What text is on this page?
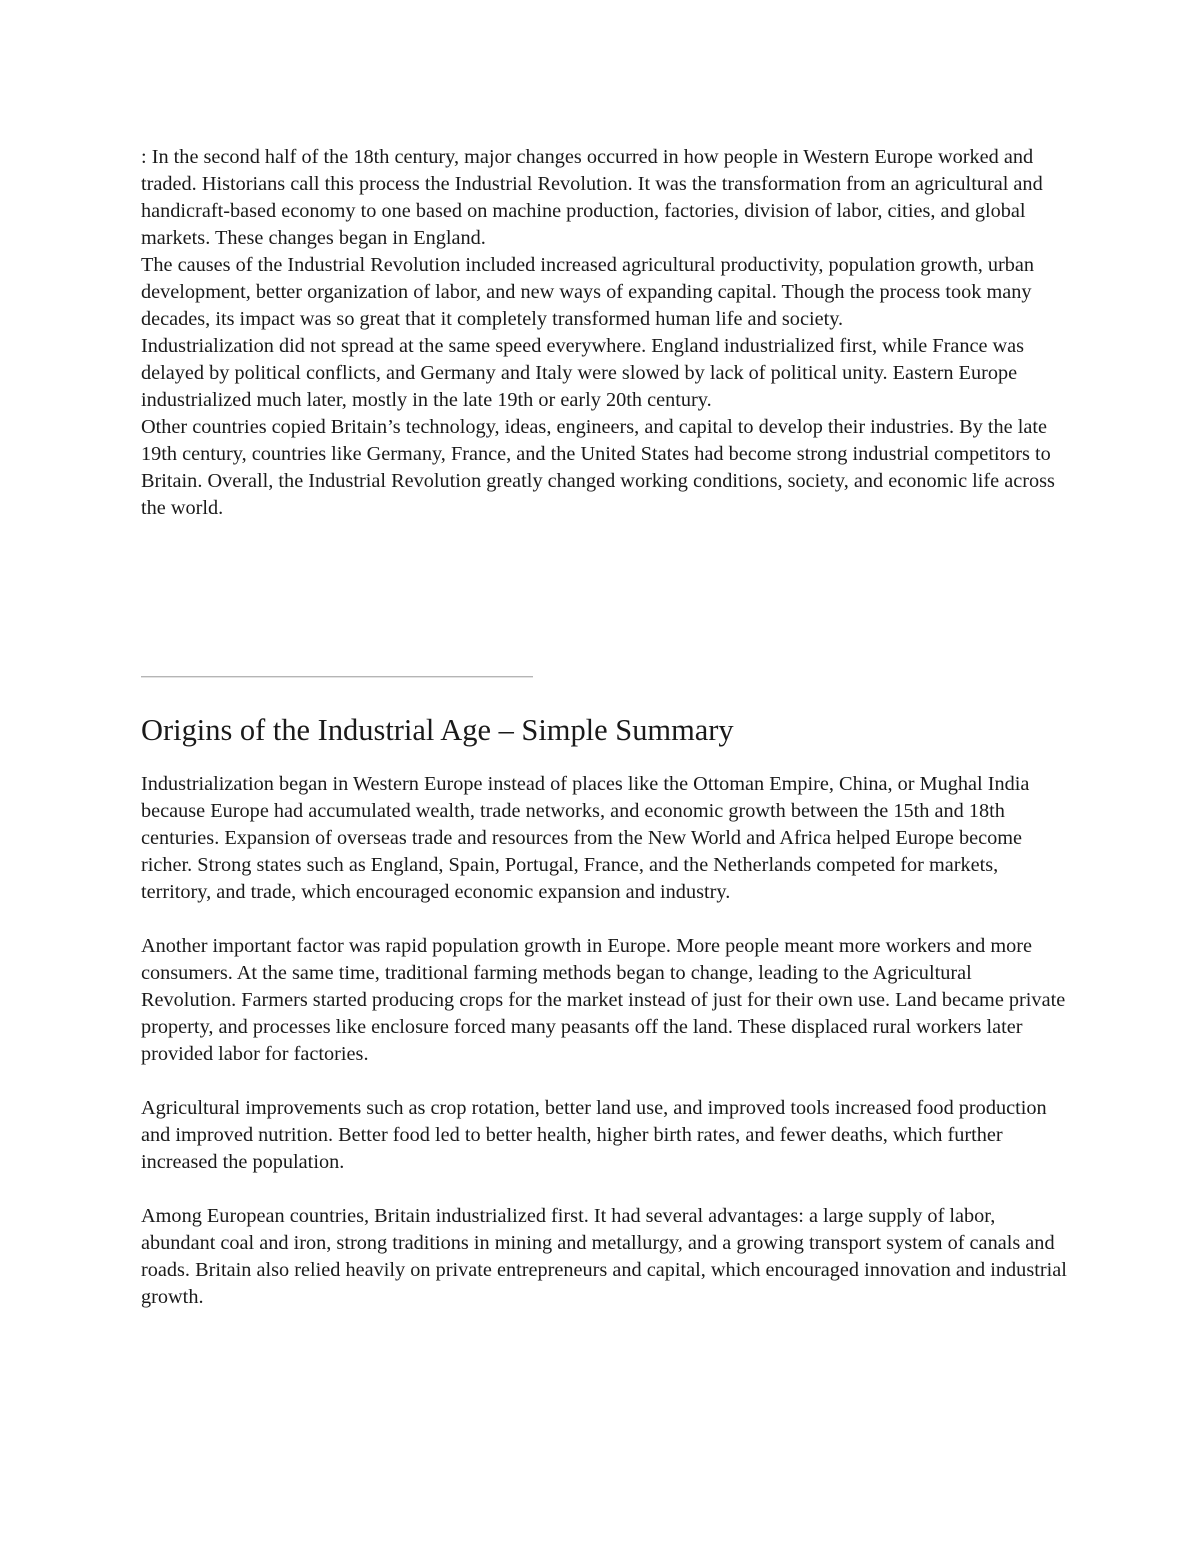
: In the second half of the 18th century, major changes occurred in how people in Western Europe worked and traded. Historians call this process the Industrial Revolution. It was the transformation from an agricultural and handicraft-based economy to one based on machine production, factories, division of labor, cities, and global markets. These changes began in England.

The causes of the Industrial Revolution included increased agricultural productivity, population growth, urban development, better organization of labor, and new ways of expanding capital. Though the process took many decades, its impact was so great that it completely transformed human life and society.

Industrialization did not spread at the same speed everywhere. England industrialized first, while France was delayed by political conflicts, and Germany and Italy were slowed by lack of political unity. Eastern Europe industrialized much later, mostly in the late 19th or early 20th century.

Other countries copied Britain’s technology, ideas, engineers, and capital to develop their industries. By the late 19th century, countries like Germany, France, and the United States had become strong industrial competitors to Britain. Overall, the Industrial Revolution greatly changed working conditions, society, and economic life across the world.

Origins of the Industrial Age – Simple Summary

Industrialization began in Western Europe instead of places like the Ottoman Empire, China, or Mughal India because Europe had accumulated wealth, trade networks, and economic growth between the 15th and 18th centuries. Expansion of overseas trade and resources from the New World and Africa helped Europe become richer. Strong states such as England, Spain, Portugal, France, and the Netherlands competed for markets, territory, and trade, which encouraged economic expansion and industry.

Another important factor was rapid population growth in Europe. More people meant more workers and more consumers. At the same time, traditional farming methods began to change, leading to the Agricultural Revolution. Farmers started producing crops for the market instead of just for their own use. Land became private property, and processes like enclosure forced many peasants off the land. These displaced rural workers later provided labor for factories.

Agricultural improvements such as crop rotation, better land use, and improved tools increased food production and improved nutrition. Better food led to better health, higher birth rates, and fewer deaths, which further increased the population.

Among European countries, Britain industrialized first. It had several advantages: a large supply of labor, abundant coal and iron, strong traditions in mining and metallurgy, and a growing transport system of canals and roads. Britain also relied heavily on private entrepreneurs and capital, which encouraged innovation and industrial growth.
